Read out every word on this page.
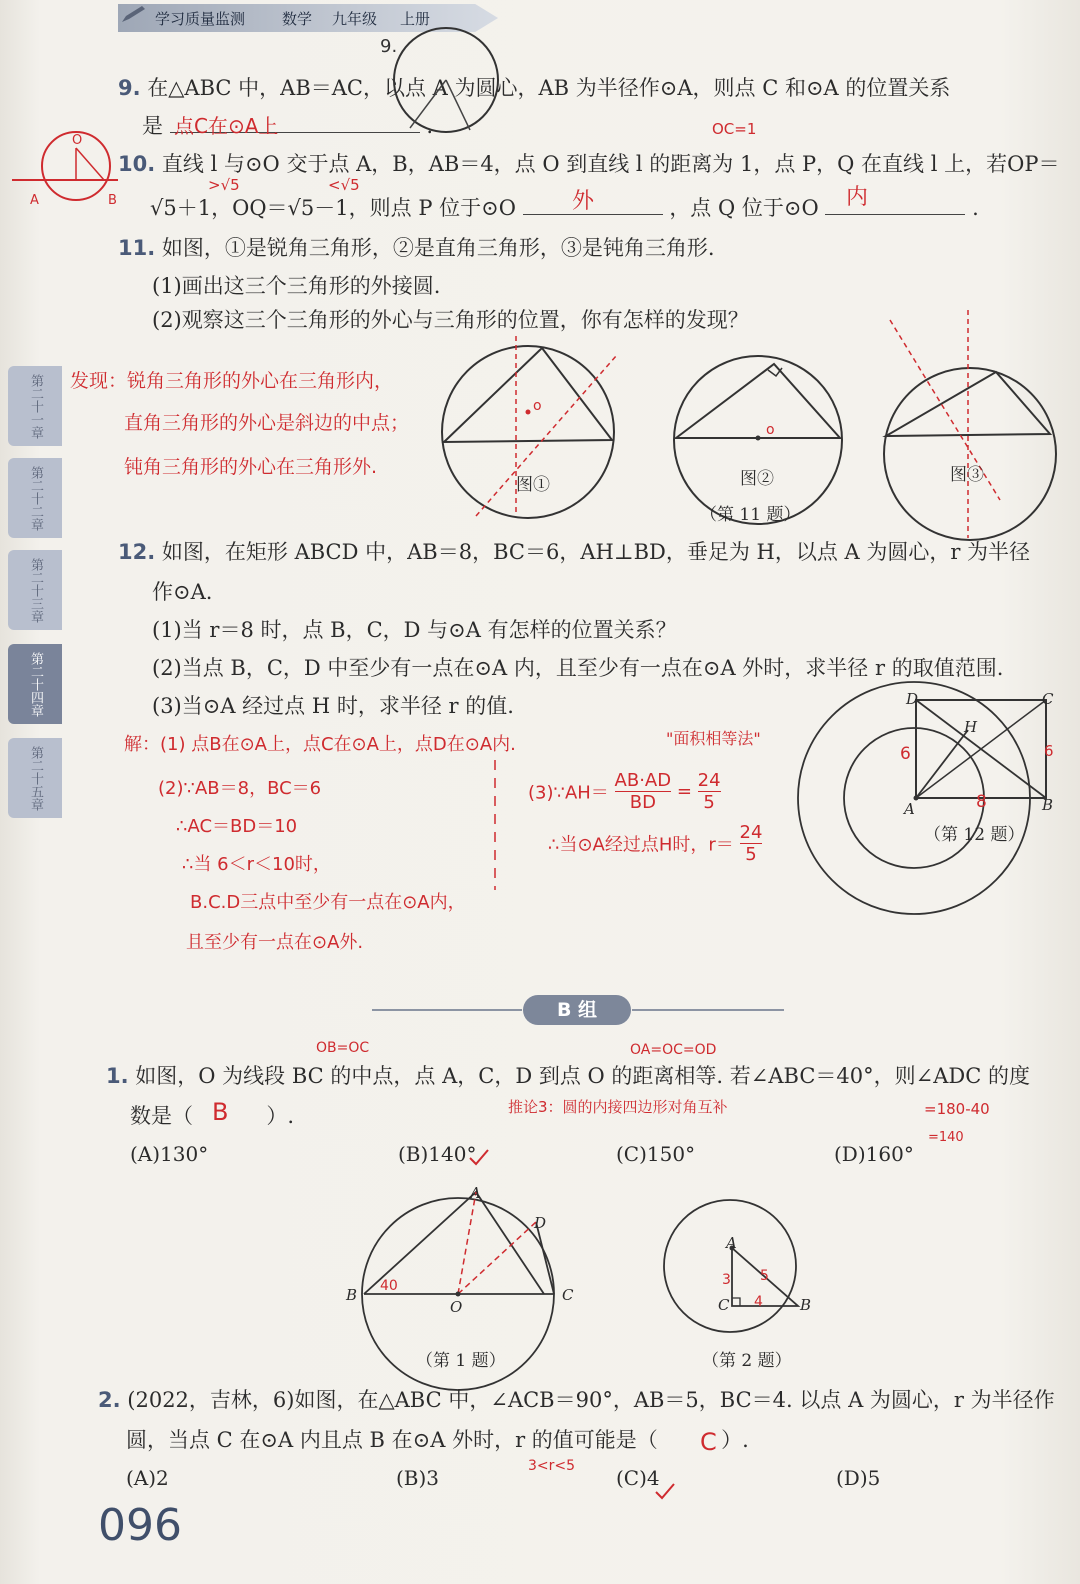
学习质量监测 数学 九年级 上册
第二十一章
第二十二章
第二十三章
第二十四章
第二十五章
9. 在△ABC 中，AB＝AC，以点 A 为圆心，AB 为半径作⊙A，则点 C 和⊙A 的位置关系
是	.
点C在⊙A上
9.
O
A	B
10. 直线 l 与⊙O 交于点 A，B，AB＝4，点 O 到直线 l 的距离为 1，点 P，Q 在直线 l 上，若OP＝
OC=1
>√5	<√5
√5＋1，OQ＝√5－1，则点 P 位于⊙O	，点 Q 位于⊙O	.
外	内
11. 如图，①是锐角三角形，②是直角三角形，③是钝角三角形.
(1)画出这三个三角形的外接圆.
(2)观察这三个三角形的外心与三角形的位置，你有怎样的发现？
发现：锐角三角形的外心在三角形内，
直角三角形的外心是斜边的中点；
钝角三角形的外心在三角形外.
o
图①
o
图②
（第 11 题）
图③
12. 如图，在矩形 ABCD 中，AB＝8，BC＝6，AH⊥BD，垂足为 H，以点 A 为圆心，r 为半径
作⊙A.
(1)当 r＝8 时，点 B，C，D 与⊙A 有怎样的位置关系？
(2)当点 B，C，D 中至少有一点在⊙A 内，且至少有一点在⊙A 外时，求半径 r 的取值范围.
(3)当⊙A 经过点 H 时，求半径 r 的值.
解：(1) 点B在⊙A上，点C在⊙A上，点D在⊙A内.
(2)∵AB＝8，BC＝6
∴AC＝BD＝10
∴当 6＜r＜10时，
B.C.D三点中至少有一点在⊙A内，
且至少有一点在⊙A外.
"面积相等法"
(3)∵AH＝ $\frac{AB\cdot AD}{BD} = \frac{24}{5}$
∴当⊙A经过点H时，$r= \frac{24}{5}$
D	C
H
A	B
6	6
8
（第 12 题）
B 组
OB=OC	OA=OC=OD
1. 如图，O 为线段 BC 的中点，点 A，C，D 到点 O 的距离相等. 若∠ABC＝40°，则∠ADC 的度
数是（	）.
B	推论3：圆的内接四边形对角互补	=180-40
=140
(A)130°	(B)140°	(C)150°	(D)160°
A
D
B	C
O
40
（第 1 题）
A
C	B
3
4
5
（第 2 题）
2. (2022，吉林，6)如图，在△ABC 中，∠ACB＝90°，AB＝5，BC＝4. 以点 A 为圆心，r 为半径作
圆，当点 C 在⊙A 内且点 B 在⊙A 外时，r 的值可能是（	）.
C
3<r<5
(A)2	(B)3	(C)4	(D)5
096
